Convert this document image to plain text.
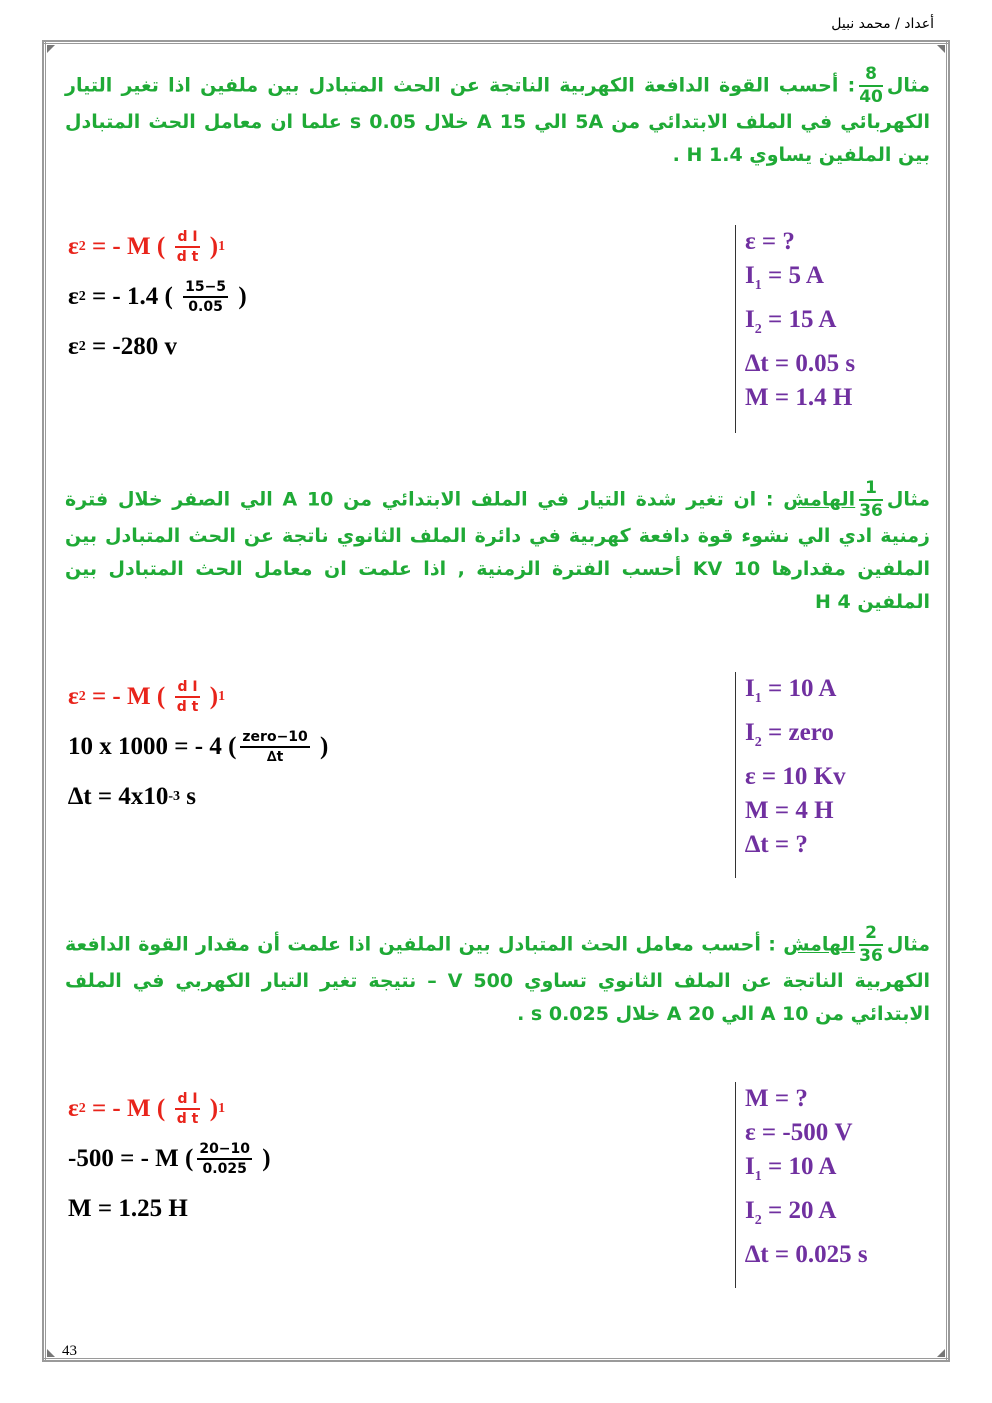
أعداد / محمد نبيل
مثال
$\frac{8}{40}$
: أحسب القوة الدافعة الكهربية الناتجة عن الحث المتبادل بين ملفين اذا تغير التيار الكهربائي في الملف الابتدائي من 5A الي 15 A خلال 0.05 s علما ان معامل الحث المتبادل بين الملفين يساوي 1.4 H .
ε 2 = - M ( $\frac{\text{d I}}{\text{d t}}$ ) 1
ε 2 = - 1.4 ( $\frac{15-5}{0.05}$ )
ε 2 = -280 v
ε = ?
$I_1 = 5$ A
$I_2 = 15$ A
∆t = 0.05 s
M = 1.4 H
مثال
$\frac{1}{36}$
الهامش : ان تغير شدة التيار في الملف الابتدائي من 10 A الي الصفر خلال فترة زمنية ادي الي نشوء قوة دافعة كهربية في دائرة الملف الثانوي ناتجة عن الحث المتبادل بين الملفين مقدارها 10 KV أحسب الفترة الزمنية , اذا علمت ان معامل الحث المتبادل بين الملفين 4 H
ε 2 = - M ( $\frac{\text{d I}}{\text{d t}}$ ) 1
10 x 1000 = - 4 ( $\frac{\text{zero−10}}{\Delta t}$ )
∆t = 4x10 -3 s
$I_1 = 10$ A
$I_2$ = zero
ε = 10 Kv
M = 4 H
∆t = ?
مثال
$\frac{2}{36}$
الهامش : أحسب معامل الحث المتبادل بين الملفين اذا علمت أن مقدار القوة الدافعة الكهربية الناتجة عن الملف الثانوي تساوي 500 V – نتيجة تغير التيار الكهربي في الملف الابتدائي من 10 A الي 20 A خلال 0.025 s .
ε 2 = - M ( $\frac{\text{d I}}{\text{d t}}$ ) 1
-500 = - M ( $\frac{20-10}{0.025}$ )
M = 1.25 H
M = ?
ε = -500 V
$I_1 = 10$ A
$I_2 = 20$ A
∆t = 0.025 s
43
